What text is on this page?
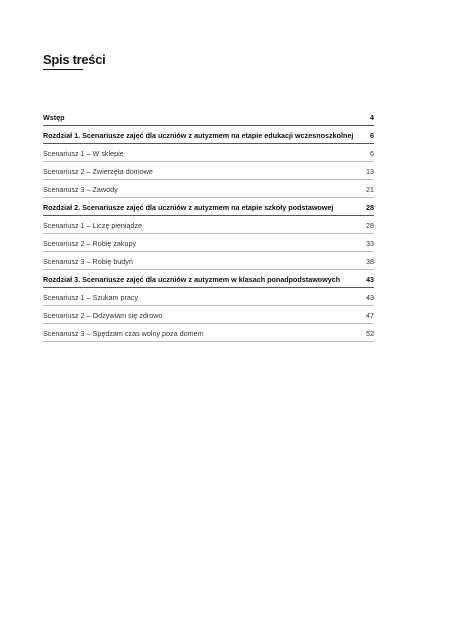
Spis treści
Wstęp	4
Rozdział 1. Scenariusze zajęć dla uczniów z autyzmem na etapie edukacji wczesnoszkolnej	6
Scenariusz 1 – W sklepie	6
Scenariusz 2 – Zwierzęta domowe	13
Scenariusz 3 – Zawody	21
Rozdział 2. Scenariusze zajęć dla uczniów z autyzmem na etapie szkoły podstawowej	28
Scenariusz 1 – Liczę pieniądze	28
Scenariusz 2 – Robię zakupy	33
Scenariusz 3 – Robię budyń	38
Rozdział 3. Scenariusze zajęć dla uczniów z autyzmem w klasach ponadpodstawowych	43
Scenariusz 1 – Szukam pracy	43
Scenariusz 2 – Odżywiam się zdrowo	47
Scenariusz 3 – Spędzam czas wolny poza domem	52
